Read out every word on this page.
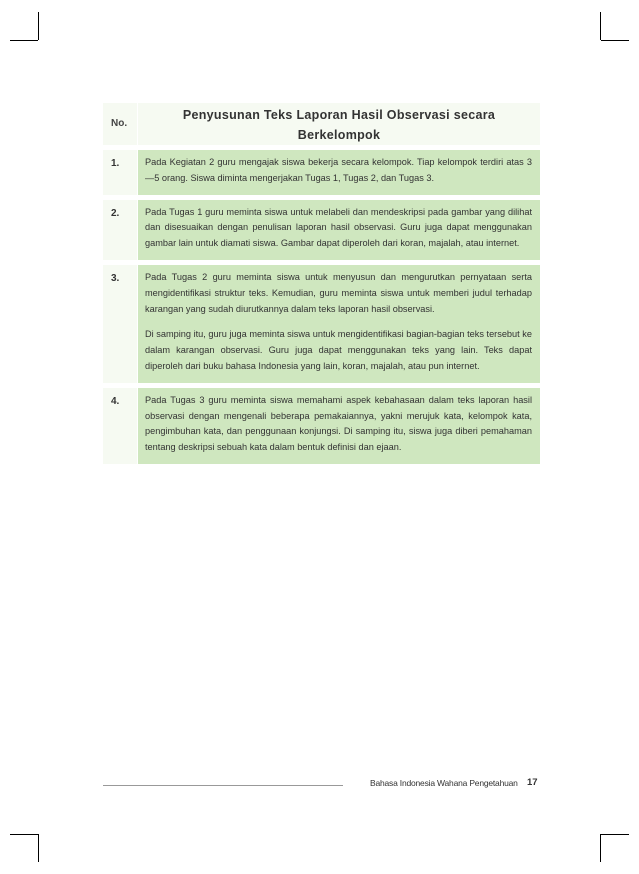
No.
Penyusunan Teks Laporan Hasil Observasi secara
Berkelompok
1.	Pada Kegiatan 2 guru mengajak siswa bekerja secara kelompok. Tiap kelompok terdiri atas 3—5 orang. Siswa diminta mengerjakan Tugas 1, Tugas 2, dan Tugas 3.

2.	Pada Tugas 1 guru meminta siswa untuk melabeli dan mendeskripsi pada gambar yang dilihat dan disesuaikan dengan penulisan laporan hasil observasi. Guru juga dapat menggunakan gambar lain untuk diamati siswa. Gambar dapat diperoleh dari koran, majalah, atau internet.

3.	Pada Tugas 2 guru meminta siswa untuk menyusun dan mengurutkan pernyataan serta mengidentifikasi struktur teks. Kemudian, guru meminta siswa untuk memberi judul terhadap karangan yang sudah diurutkannya dalam teks laporan hasil observasi.

Di samping itu, guru juga meminta siswa untuk mengidentifikasi bagian-bagian teks tersebut ke dalam karangan observasi. Guru juga dapat menggunakan teks yang lain. Teks dapat diperoleh dari buku bahasa Indonesia yang lain, koran, majalah, atau pun internet.

4.	Pada Tugas 3 guru meminta siswa memahami aspek kebahasaan dalam teks laporan hasil observasi dengan mengenali beberapa pemakaiannya, yakni merujuk kata, kelompok kata, pengimbuhan kata, dan penggunaan konjungsi. Di samping itu, siswa juga diberi pemahaman tentang deskripsi sebuah kata dalam bentuk definisi dan ejaan.

Bahasa Indonesia Wahana Pengetahuan 17
